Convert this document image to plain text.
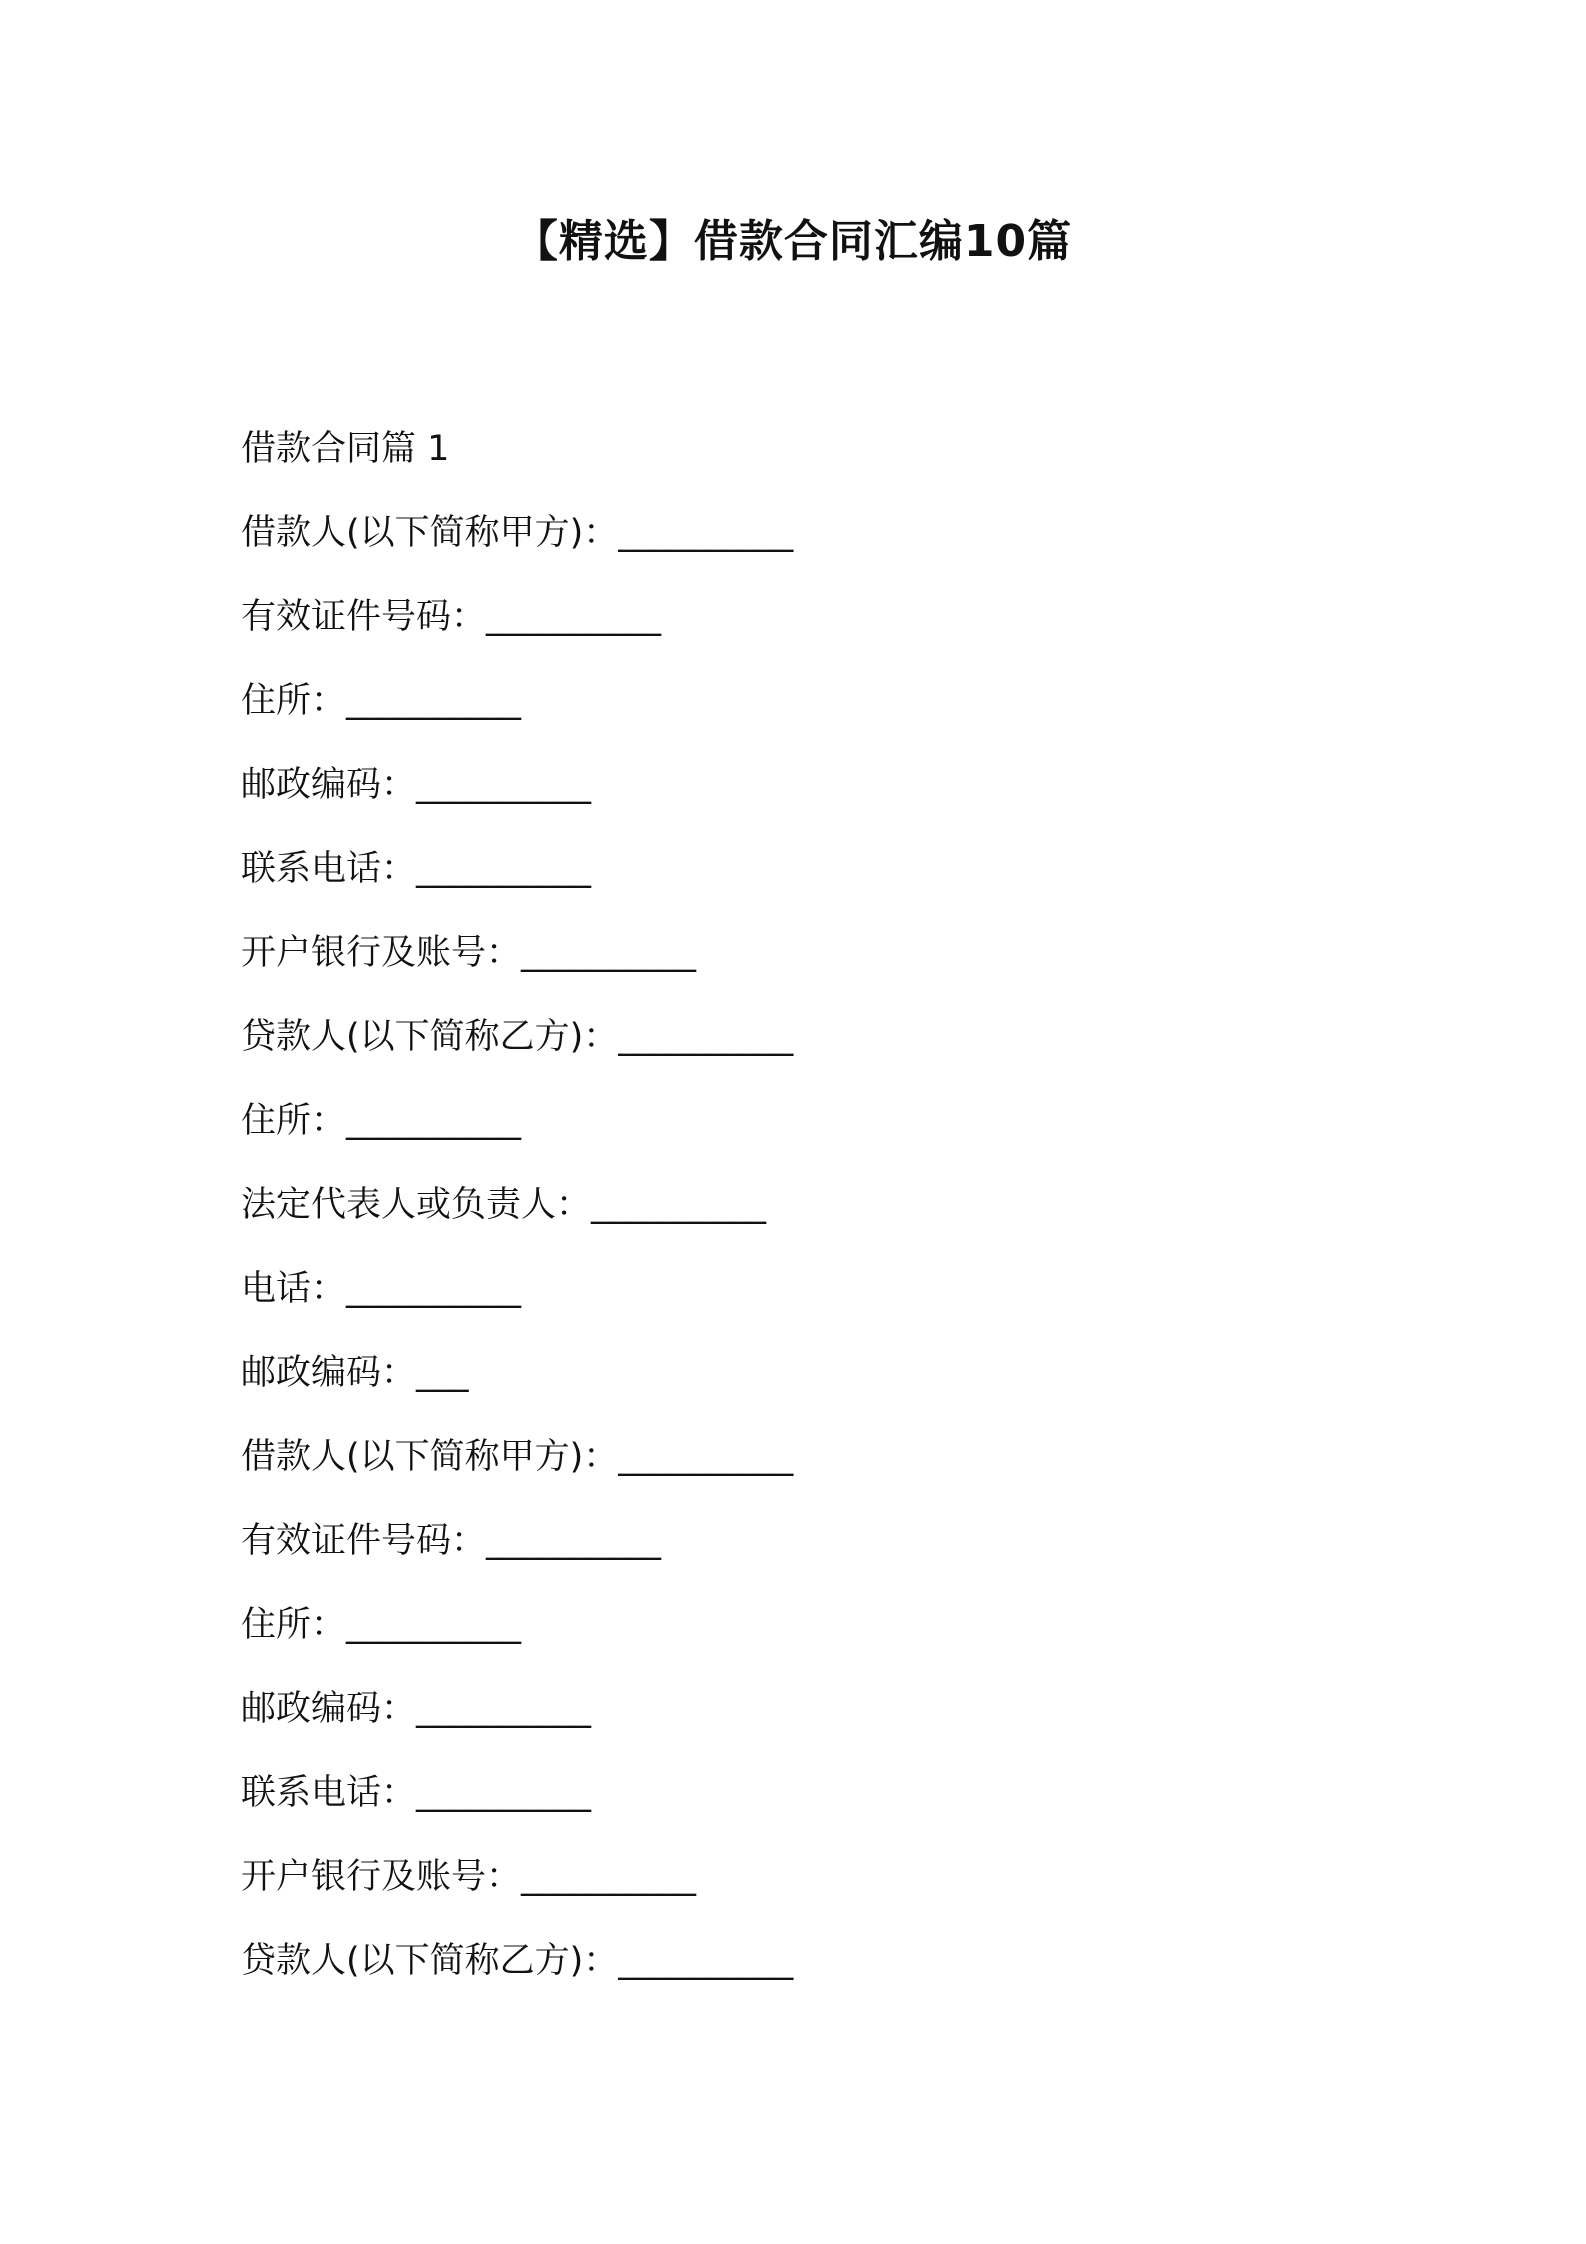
【精选】借款合同汇编10篇

借款合同篇 1

借款人(以下简称甲方)：__________

有效证件号码：__________

住所：__________

邮政编码：__________

联系电话：__________

开户银行及账号：__________

贷款人(以下简称乙方)：__________

住所：__________

法定代表人或负责人：__________

电话：__________

邮政编码：___

借款人(以下简称甲方)：__________

有效证件号码：__________

住所：__________

邮政编码：__________

联系电话：__________

开户银行及账号：__________

贷款人(以下简称乙方)：__________
